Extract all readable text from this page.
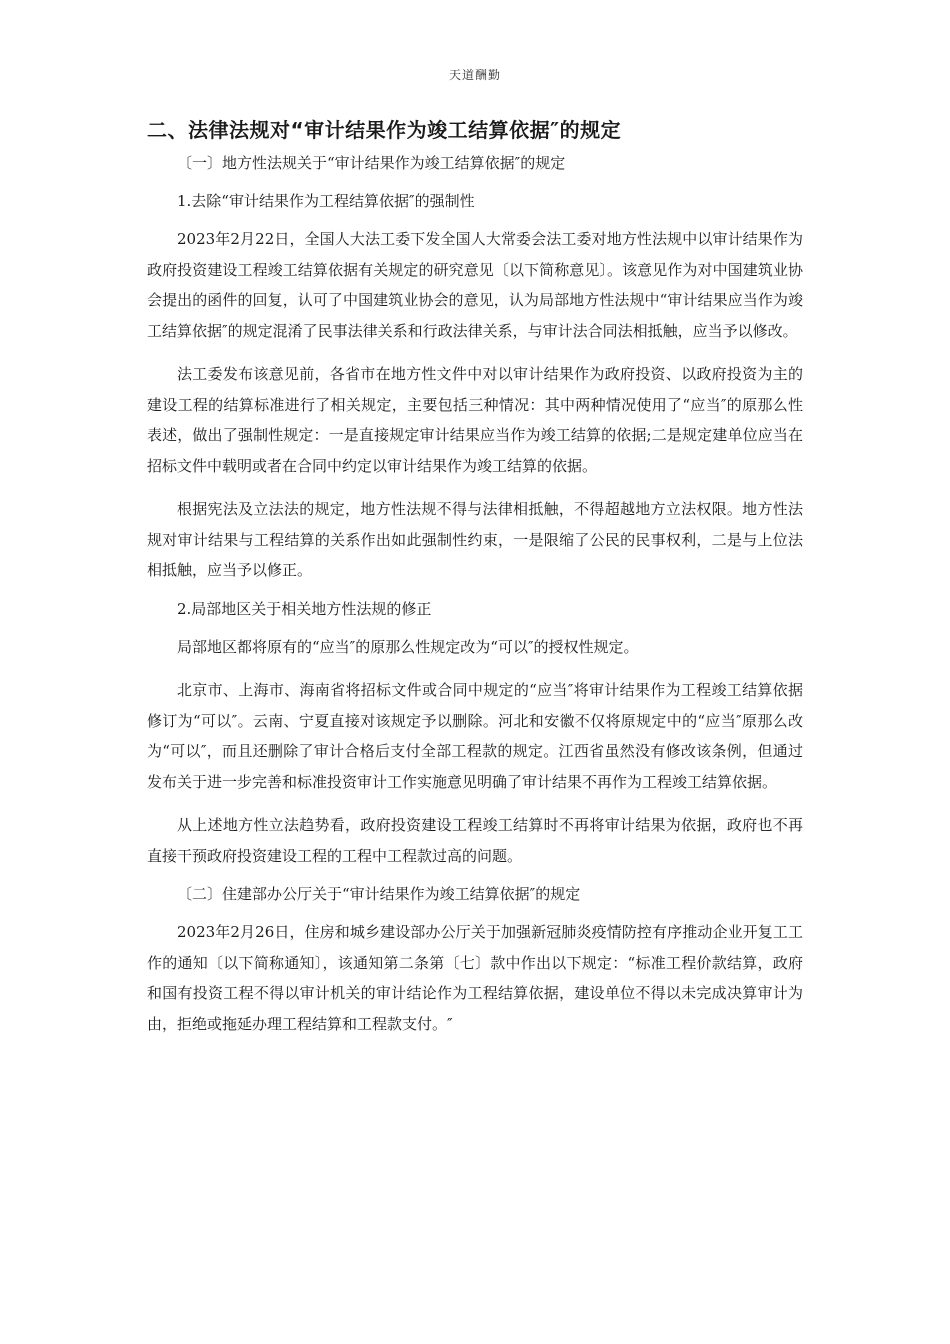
天道酬勤
二、法律法规对“审计结果作为竣工结算依据″的规定

〔一〕地方性法规关于“审计结果作为竣工结算依据″的规定

1.去除“审计结果作为工程结算依据″的强制性

2023年2月22日，全国人大法工委下发全国人大常委会法工委对地方性法规中以审计结果作为政府投资建设工程竣工结算依据有关规定的研究意见〔以下简称意见〕。该意见作为对中国建筑业协会提出的函件的回复，认可了中国建筑业协会的意见，认为局部地方性法规中“审计结果应当作为竣工结算依据″的规定混淆了民事法律关系和行政法律关系，与审计法合同法相抵触，应当予以修改。

法工委发布该意见前，各省市在地方性文件中对以审计结果作为政府投资、以政府投资为主的建设工程的结算标准进行了相关规定，主要包括三种情况：其中两种情况使用了“应当″的原那么性表述，做出了强制性规定：一是直接规定审计结果应当作为竣工结算的依据;二是规定建单位应当在招标文件中载明或者在合同中约定以审计结果作为竣工结算的依据。

根据宪法及立法法的规定，地方性法规不得与法律相抵触，不得超越地方立法权限。地方性法规对审计结果与工程结算的关系作出如此强制性约束，一是限缩了公民的民事权利，二是与上位法相抵触，应当予以修正。

2.局部地区关于相关地方性法规的修正

局部地区都将原有的“应当″的原那么性规定改为“可以″的授权性规定。

北京市、上海市、海南省将招标文件或合同中规定的“应当″将审计结果作为工程竣工结算依据修订为“可以″。云南、宁夏直接对该规定予以删除。河北和安徽不仅将原规定中的“应当″原那么改为“可以″，而且还删除了审计合格后支付全部工程款的规定。江西省虽然没有修改该条例，但通过发布关于进一步完善和标准投资审计工作实施意见明确了审计结果不再作为工程竣工结算依据。

从上述地方性立法趋势看，政府投资建设工程竣工结算时不再将审计结果为依据，政府也不再直接干预政府投资建设工程的工程中工程款过高的问题。

〔二〕住建部办公厅关于“审计结果作为竣工结算依据″的规定

2023年2月26日，住房和城乡建设部办公厅关于加强新冠肺炎疫情防控有序推动企业开复工工作的通知〔以下简称通知〕，该通知第二条第〔七〕款中作出以下规定：“标准工程价款结算，政府和国有投资工程不得以审计机关的审计结论作为工程结算依据，建设单位不得以未完成决算审计为由，拒绝或拖延办理工程结算和工程款支付。″
